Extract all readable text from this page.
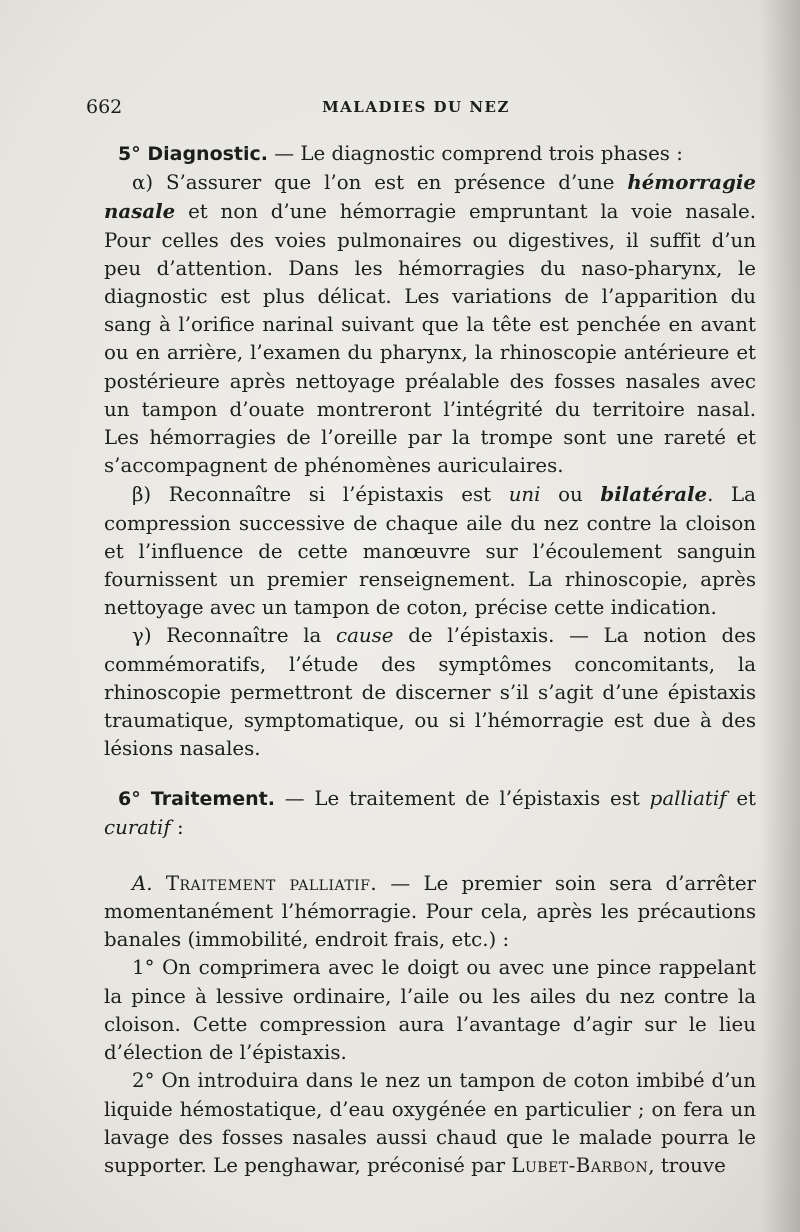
662	MALADIES DU NEZ

5° Diagnostic. — Le diagnostic comprend trois phases :

α) S’assurer que l’on est en présence d’une hémorragie nasale et non d’une hémorragie empruntant la voie nasale. Pour celles des voies pulmonaires ou digestives, il suffit d’un peu d’attention. Dans les hémorragies du naso-pharynx, le diagnostic est plus délicat. Les variations de l’apparition du sang à l’orifice narinal suivant que la tête est penchée en avant ou en arrière, l’examen du pharynx, la rhinoscopie antérieure et postérieure après nettoyage préalable des fosses nasales avec un tampon d’ouate montreront l’intégrité du territoire nasal. Les hémorragies de l’oreille par la trompe sont une rareté et s’accompagnent de phénomènes auriculaires.

β) Reconnaître si l’épistaxis est uni ou bilatérale. La compression successive de chaque aile du nez contre la cloison et l’influence de cette manœuvre sur l’écoulement sanguin fournissent un premier renseignement. La rhinoscopie, après nettoyage avec un tampon de coton, précise cette indication.

γ) Reconnaître la cause de l’épistaxis. — La notion des commémoratifs, l’étude des symptômes concomitants, la rhinoscopie permettront de discerner s’il s’agit d’une épistaxis traumatique, symptomatique, ou si l’hémorragie est due à des lésions nasales.

6° Traitement. — Le traitement de l’épistaxis est palliatif et curatif :

A. Traitement palliatif. — Le premier soin sera d’arrêter momentanément l’hémorragie. Pour cela, après les précautions banales (immobilité, endroit frais, etc.) :

1° On comprimera avec le doigt ou avec une pince rappelant la pince à lessive ordinaire, l’aile ou les ailes du nez contre la cloison. Cette compression aura l’avantage d’agir sur le lieu d’élection de l’épistaxis.

2° On introduira dans le nez un tampon de coton imbibé d’un liquide hémostatique, d’eau oxygénée en particulier ; on fera un lavage des fosses nasales aussi chaud que le malade pourra le supporter. Le penghawar, préconisé par Lubet-Barbon, trouve
